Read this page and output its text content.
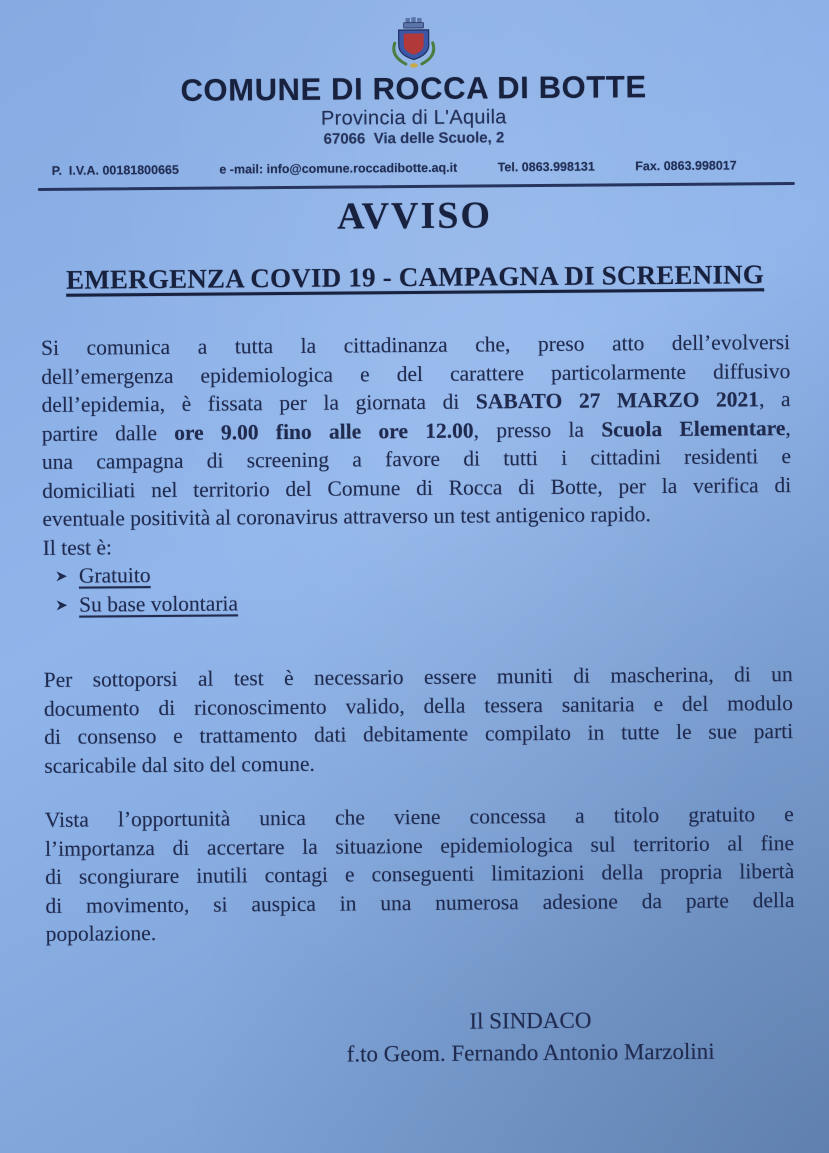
COMUNE DI ROCCA DI BOTTE
Provincia di L'Aquila
67066  Via delle Scuole, 2
P.  I.V.A. 00181800665	e -mail: info@comune.roccadibotte.aq.it	Tel. 0863.998131	Fax. 0863.998017
AVVISO
EMERGENZA COVID 19 - CAMPAGNA DI SCREENING
Si comunica a tutta la cittadinanza che, preso atto dell’evolversi
dell’emergenza epidemiologica e del carattere particolarmente diffusivo
dell’epidemia, è fissata per la giornata di SABATO 27 MARZO 2021, a
partire dalle ore 9.00 fino alle ore 12.00, presso la Scuola Elementare,
una campagna di screening a favore di tutti i cittadini residenti e
domiciliati nel territorio del Comune di Rocca di Botte, per la verifica di
eventuale positività al coronavirus attraverso un test antigenico rapido.
Il test è:
Gratuito
Su base volontaria
Per sottoporsi al test è necessario essere muniti di mascherina, di un
documento di riconoscimento valido, della tessera sanitaria e del modulo
di consenso e trattamento dati debitamente compilato in tutte le sue parti
scaricabile dal sito del comune.
Vista l’opportunità unica che viene concessa a titolo gratuito e
l’importanza di accertare la situazione epidemiologica sul territorio al fine
di scongiurare inutili contagi e conseguenti limitazioni della propria libertà
di movimento, si auspica in una numerosa adesione da parte della
popolazione.
Il SINDACO
f.to Geom. Fernando Antonio Marzolini
